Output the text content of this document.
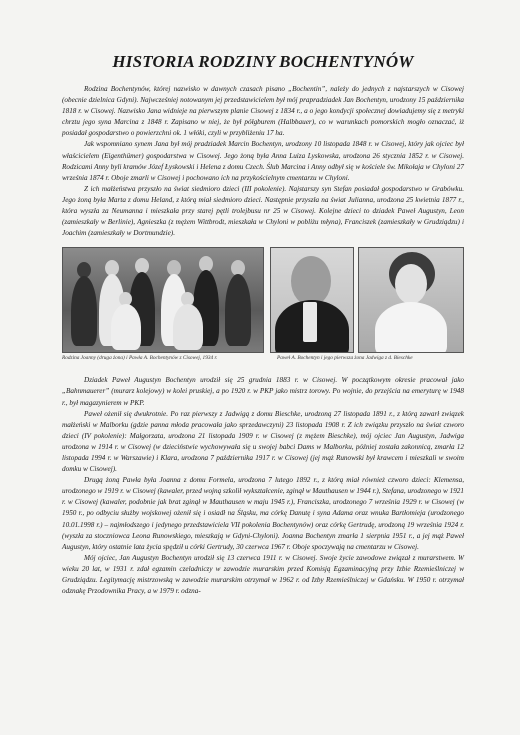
HISTORIA RODZINY BOCHENTYNÓW

Rodzina Bochentynów, której nazwisko w dawnych czasach pisano „Bochentin”, należy do jednych z najstarszych w Cisowej (obecnie dzielnica Gdyni). Najwcześniej notowanym jej przedstawicielem był mój prapradziadek Jan Bochentyn, urodzony 15 października 1818 r. w Cisowej. Nazwisko Jana widnieje na pierwszym planie Cisowej z 1834 r., a o jego kondycji społecznej dowiadujemy się z metryki chrztu jego syna Marcina z 1848 r. Zapisano w niej, że był półgburem (Halbbauer), co w warunkach pomorskich mogło oznaczać, iż posiadał gospodarstwo o powierzchni ok. 1 włóki, czyli w przybliżeniu 17 ha.

Jak wspomniano synem Jana był mój pradziadek Marcin Bochentyn, urodzony 10 listopada 1848 r. w Cisowej, który jak ojciec był właścicielem (Eigenthümer) gospodarstwa w Cisowej. Jego żoną była Anna Luiza Lyskowska, urodzona 26 stycznia 1852 r. w Cisowej. Rodzicami Anny byli kramów Józef Łyskowski i Helena z domu Czech. Ślub Marcina i Anny odbył się w kościele św. Mikołaja w Chyloni 27 września 1874 r. Oboje zmarli w Cisowej i pochowano ich na przykościelnym cmentarzu w Chyloni.

Z ich małżeństwa przyszło na świat siedmioro dzieci (III pokolenie). Najstarszy syn Stefan posiadał gospodarstwo w Grabówku. Jego żoną była Marta z domu Heland, z którą miał siedmioro dzieci. Następnie przyszła na świat Julianna, urodzona 25 kwietnia 1877 r., która wyszła za Neumanna i mieszkała przy starej pętli trolejbusu nr 25 w Cisowej. Kolejne dzieci to dziadek Paweł Augustyn, Leon (zamieszkały w Berlinie), Agnieszka (z mężem Wittbrodt, mieszkała w Chyloni w pobliżu młyna), Franciszek (zamieszkały w Grudziądzu) i Joachim (zamieszkały w Dortmundzie).

Rodzina Joanny (druga żona) i Pawła A. Bochentynów z Cisowej, 1934 r.	Paweł A. Bochentyn i jego pierwsza żona Jadwiga z d. Bieschke

Dziadek Paweł Augustyn Bochentyn urodził się 25 grudnia 1883 r. w Cisowej. W początkowym okresie pracował jako „Bahnmauerer” (murarz kolejowy) w kolei pruskiej, a po 1920 r. w PKP jako mistrz torowy. Po wojnie, do przejścia na emeryturę w 1948 r., był magazynierem w PKP.

Paweł ożenił się dwukrotnie. Po raz pierwszy z Jadwigą z domu Bieschke, urodzoną 27 listopada 1891 r., z którą zawarł związek małżeński w Malborku (gdzie panna młoda pracowała jako sprzedawczyni) 23 listopada 1908 r. Z ich związku przyszło na świat czworo dzieci (IV pokolenie): Małgorzata, urodzona 21 listopada 1909 r. w Cisowej (z mężem Bieschke), mój ojciec Jan Augustyn, Jadwiga urodzona w 1914 r. w Cisowej (w dzieciństwie wychowywała się u swojej babci Dams w Malborku, później została zakonnicą, zmarła 12 listopada 1994 r. w Warszawie) i Klara, urodzona 7 października 1917 r. w Cisowej (jej mąż Runowski był krawcem i mieszkali w swoim domku w Cisowej).

Drugą żoną Pawła była Joanna z domu Formela, urodzona 7 lutego 1892 r., z którą miał również czworo dzieci: Klemensa, urodzonego w 1919 r. w Cisowej (kawaler, przed wojną szkolił wykształcenie, zginął w Mauthausen w 1944 r.), Stefana, urodzonego w 1921 r. w Cisowej (kawaler, podobnie jak brat zginął w Mauthausen w maju 1945 r.), Franciszka, urodzonego 7 września 1929 r. w Cisowej (w 1950 r., po odbyciu służby wojskowej ożenił się i osiadł na Śląsku, ma córkę Danutę i syna Adama oraz wnuka Bartłomieja (urodzonego 10.01.1998 r.) – najmłodszego i jedynego przedstawiciela VII pokolenia Bochentynów) oraz córkę Gertrudę, urodzoną 19 września 1924 r. (wyszła za stoczniowca Leona Runowskiego, mieszkają w Gdyni-Chyloni). Joanna Bochentyn zmarła 1 sierpnia 1951 r., a jej mąż Paweł Augustyn, który ostatnie lata życia spędził u córki Gertrudy, 30 czerwca 1967 r. Oboje spoczywają na cmentarzu w Cisowej.

Mój ojciec, Jan Augustyn Bochentyn urodził się 13 czerwca 1911 r. w Cisowej. Swoje życie zawodowe związał z murarstwem. W wieku 20 lat, w 1931 r. zdał egzamin czeladniczy w zawodzie murarskim przed Komisją Egzaminacyjną przy Izbie Rzemieślniczej w Grudziądzu. Legitymację mistrzowską w zawodzie murarskim otrzymał w 1962 r. od Izby Rzemieślniczej w Gdańsku. W 1950 r. otrzymał odznakę Przodownika Pracy, a w 1979 r. odzna-
